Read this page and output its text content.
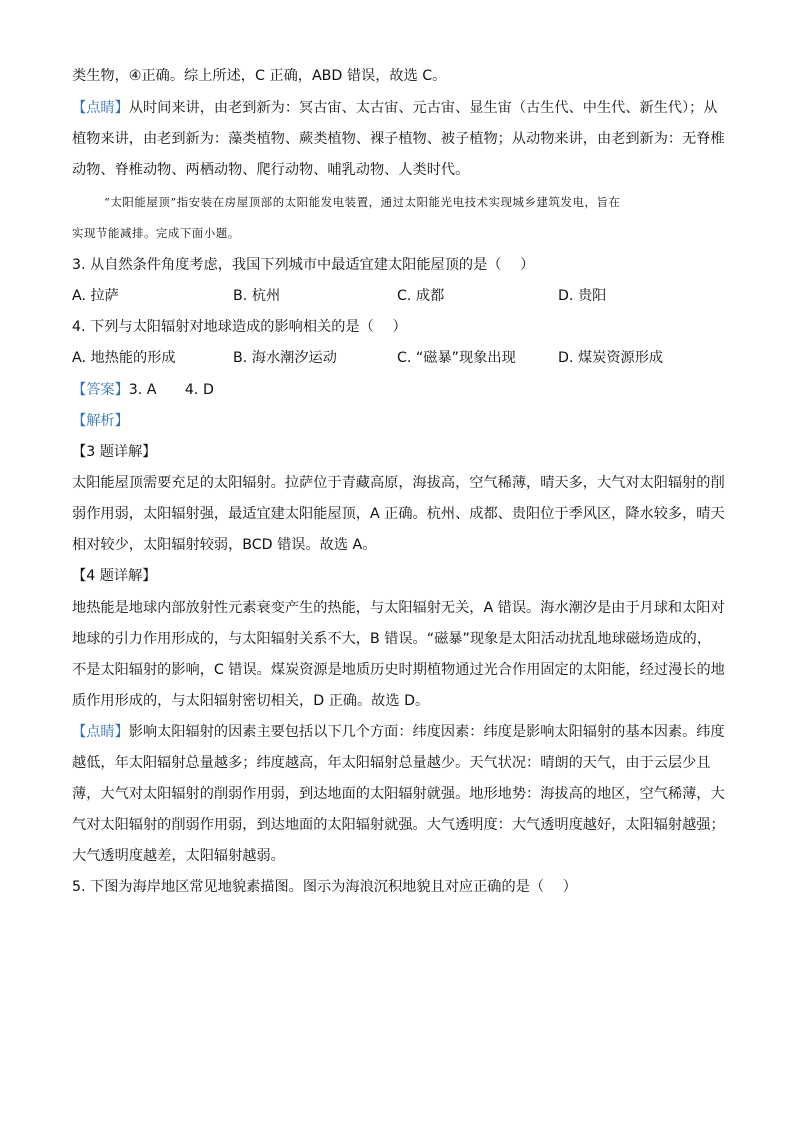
类生物，④正确。综上所述，C 正确，ABD 错误，故选 C。
【点睛】从时间来讲，由老到新为：冥古宙、太古宙、元古宙、显生宙（古生代、中生代、新生代）；从
植物来讲，由老到新为：藻类植物、蕨类植物、裸子植物、被子植物；从动物来讲，由老到新为：无脊椎
动物、脊椎动物、两栖动物、爬行动物、哺乳动物、人类时代。
“太阳能屋顶”指安装在房屋顶部的太阳能发电装置，通过太阳能光电技术实现城乡建筑发电，旨在
实现节能减排。完成下面小题。
3. 从自然条件角度考虑，我国下列城市中最适宜建太阳能屋顶的是（　 ）
A. 拉萨	B. 杭州	C. 成都	D. 贵阳
4. 下列与太阳辐射对地球造成的影响相关的是（　 ）
A. 地热能的形成	B. 海水潮汐运动	C. “磁暴”现象出现	D. 煤炭资源形成
【答案】3. A　　4. D
【解析】
【3 题详解】
太阳能屋顶需要充足的太阳辐射。拉萨位于青藏高原，海拔高，空气稀薄，晴天多，大气对太阳辐射的削
弱作用弱，太阳辐射强，最适宜建太阳能屋顶，A 正确。杭州、成都、贵阳位于季风区，降水较多，晴天
相对较少，太阳辐射较弱，BCD 错误。故选 A。
【4 题详解】
地热能是地球内部放射性元素衰变产生的热能，与太阳辐射无关，A 错误。海水潮汐是由于月球和太阳对
地球的引力作用形成的，与太阳辐射关系不大，B 错误。“磁暴”现象是太阳活动扰乱地球磁场造成的，
不是太阳辐射的影响，C 错误。煤炭资源是地质历史时期植物通过光合作用固定的太阳能，经过漫长的地
质作用形成的，与太阳辐射密切相关，D 正确。故选 D。
【点睛】影响太阳辐射的因素主要包括以下几个方面：纬度因素：纬度是影响太阳辐射的基本因素。纬度
越低，年太阳辐射总量越多；纬度越高，年太阳辐射总量越少。天气状况：晴朗的天气，由于云层少且
薄，大气对太阳辐射的削弱作用弱，到达地面的太阳辐射就强。地形地势：海拔高的地区，空气稀薄，大
气对太阳辐射的削弱作用弱，到达地面的太阳辐射就强。大气透明度：大气透明度越好，太阳辐射越强；
大气透明度越差，太阳辐射越弱。
5. 下图为海岸地区常见地貌素描图。图示为海浪沉积地貌且对应正确的是（　 ）
